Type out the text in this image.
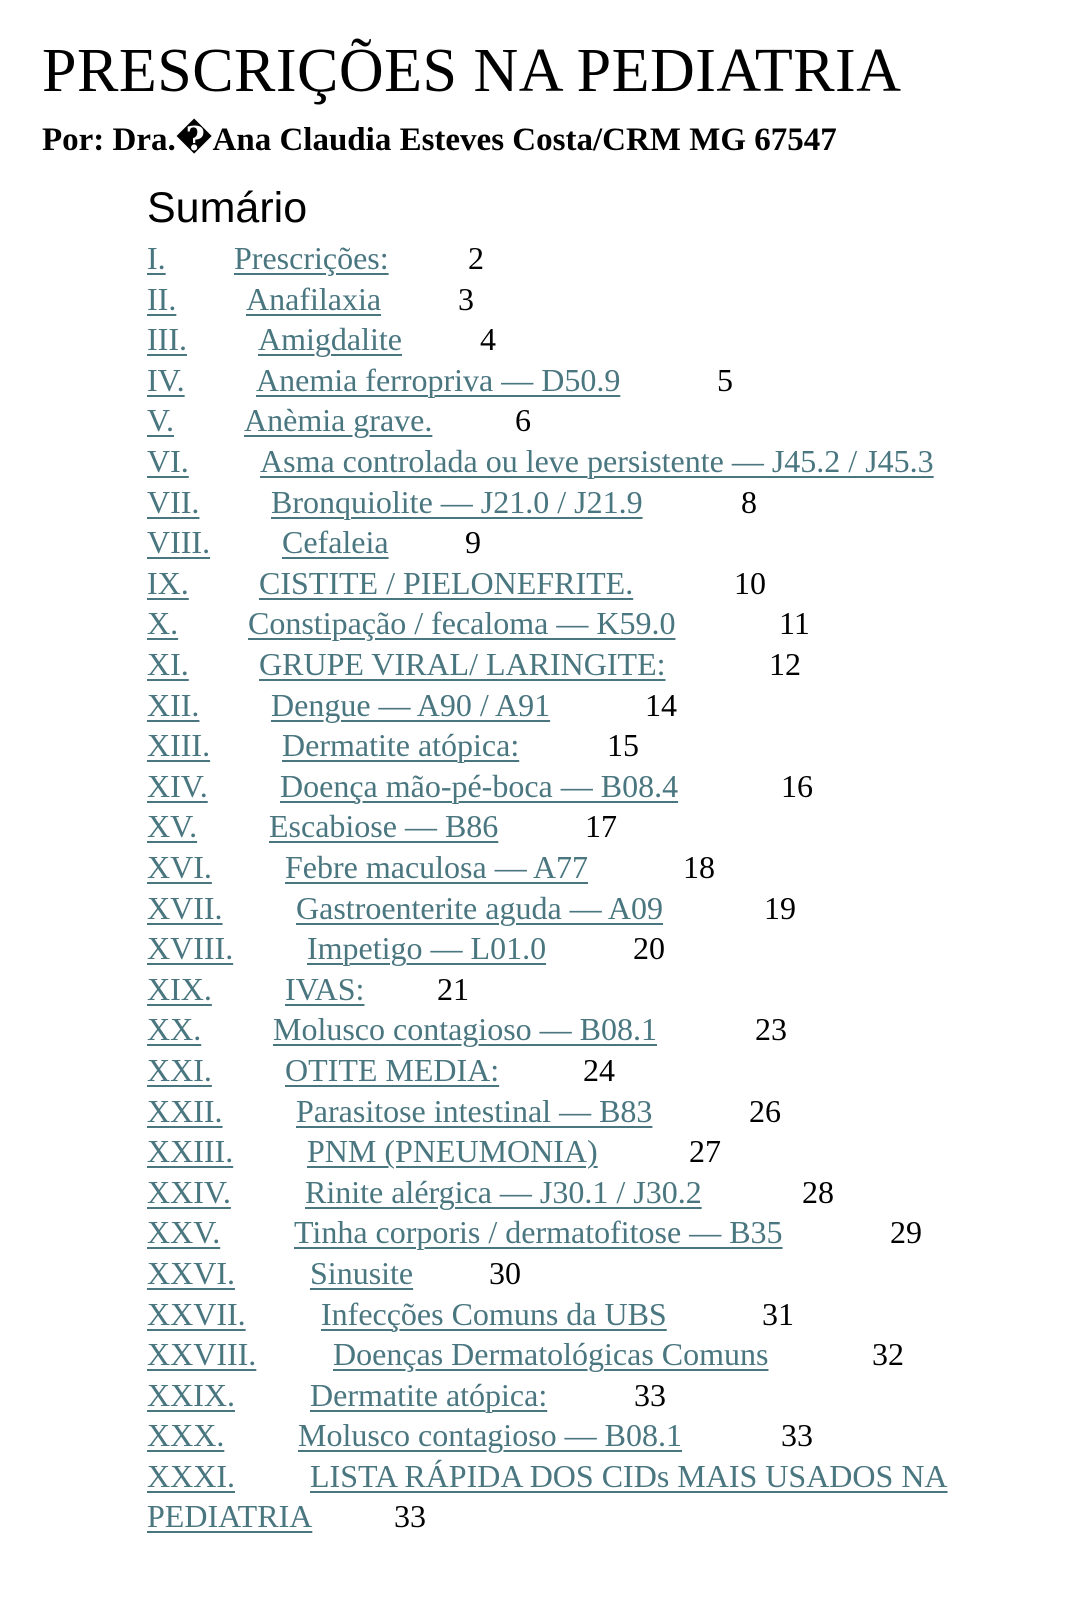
PRESCRIÇÕES NA PEDIATRIA
Por: Dra.�Ana Claudia Esteves Costa/CRM MG 67547
Sumário
I. Prescrições: 2
II. Anafilaxia 3
III. Amigdalite 4
IV. Anemia ferropriva — D50.9	5
V. Anèmia grave.	6
VI. Asma controlada ou leve persistente — J45.2 / J45.3
VII. Bronquiolite — J21.0 / J21.9	8
VIII. Cefaleia 9
IX. CISTITE / PIELONEFRITE.	10
X. Constipação / fecaloma — K59.0	11
XI. GRUPE VIRAL/ LARINGITE:	12
XII. Dengue — A90 / A91	14
XIII. Dermatite atópica:	15
XIV. Doença mão-pé-boca — B08.4	16
XV. Escabiose — B86	17
XVI. Febre maculosa — A77	18
XVII. Gastroenterite aguda — A09	19
XVIII. Impetigo — L01.0	20
XIX. IVAS: 21
XX. Molusco contagioso — B08.1	23
XXI. OTITE MEDIA:	24
XXII. Parasitose intestinal — B83	26
XXIII. PNM (PNEUMONIA)	27
XXIV. Rinite alérgica — J30.1 / J30.2	28
XXV. Tinha corporis / dermatofitose — B35	29
XXVI. Sinusite 30
XXVII. Infecções Comuns da UBS	31
XXVIII. Doenças Dermatológicas Comuns	32
XXIX. Dermatite atópica:	33
XXX. Molusco contagioso — B08.1	33
XXXI. LISTA RÁPIDA DOS CIDs MAIS USADOS NA
PEDIATRIA	33
